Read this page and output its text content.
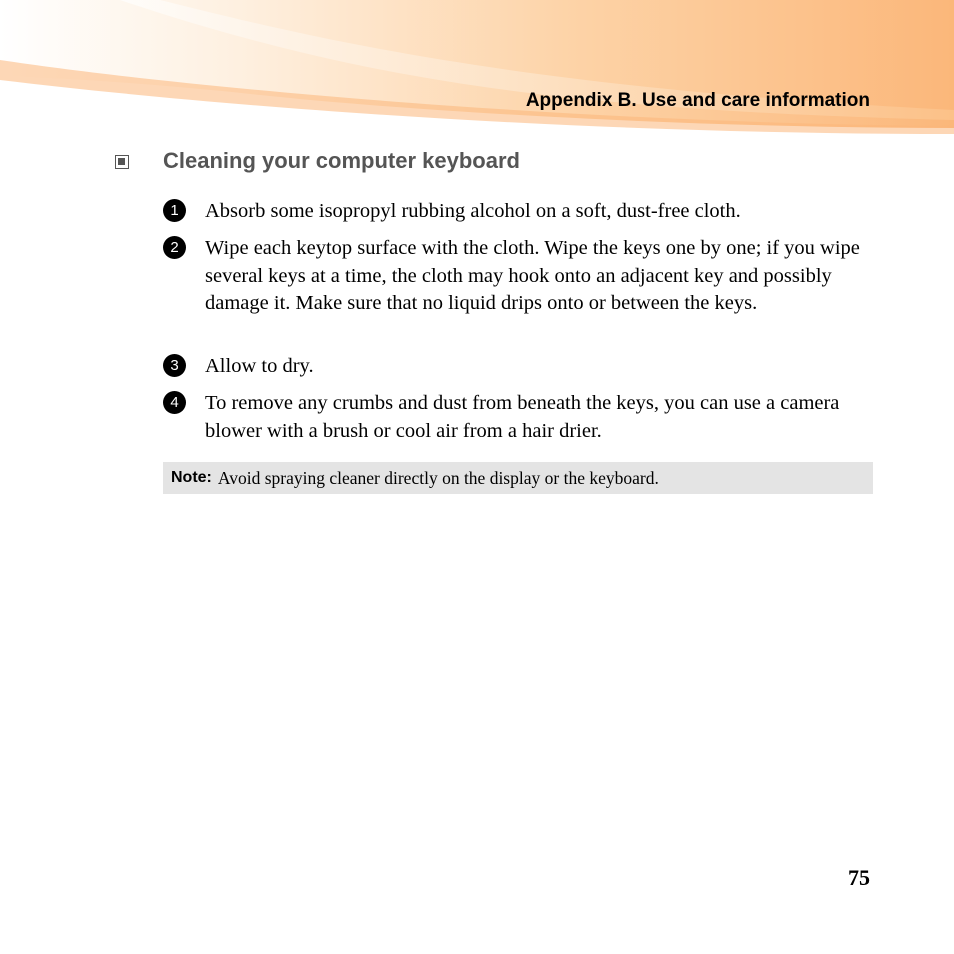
Appendix B. Use and care information
Cleaning your computer keyboard
1	Absorb some isopropyl rubbing alcohol on a soft, dust-free cloth.
2	Wipe each keytop surface with the cloth. Wipe the keys one by one; if you wipe several keys at a time, the cloth may hook onto an adjacent key and possibly damage it. Make sure that no liquid drips onto or between the keys.
3	Allow to dry.
4	To remove any crumbs and dust from beneath the keys, you can use a camera blower with a brush or cool air from a hair drier.
Note: Avoid spraying cleaner directly on the display or the keyboard.
75
